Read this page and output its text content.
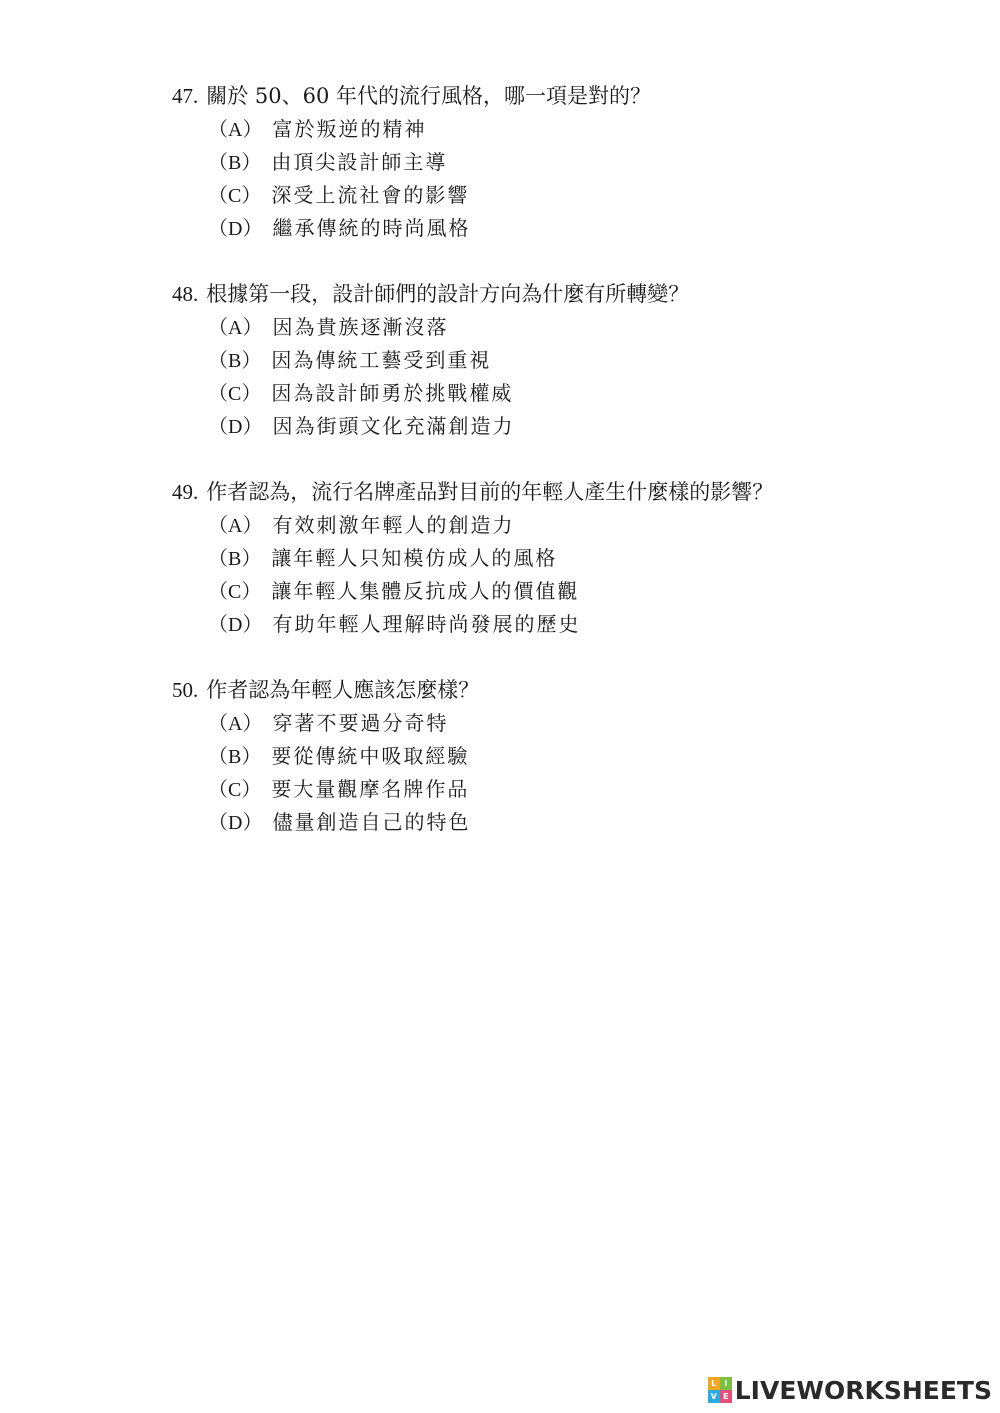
47. 關於 50、60 年代的流行風格，哪一項是對的？
（A） 富於叛逆的精神
（B） 由頂尖設計師主導
（C） 深受上流社會的影響
（D） 繼承傳統的時尚風格
48. 根據第一段，設計師們的設計方向為什麼有所轉變？
（A） 因為貴族逐漸沒落
（B） 因為傳統工藝受到重視
（C） 因為設計師勇於挑戰權威
（D） 因為街頭文化充滿創造力
49. 作者認為，流行名牌產品對目前的年輕人產生什麼樣的影響？
（A） 有效刺激年輕人的創造力
（B） 讓年輕人只知模仿成人的風格
（C） 讓年輕人集體反抗成人的價值觀
（D） 有助年輕人理解時尚發展的歷史
50. 作者認為年輕人應該怎麼樣？
（A） 穿著不要過分奇特
（B） 要從傳統中吸取經驗
（C） 要大量觀摩名牌作品
（D） 儘量創造自己的特色
L I
V E LIVEWORKSHEETS
